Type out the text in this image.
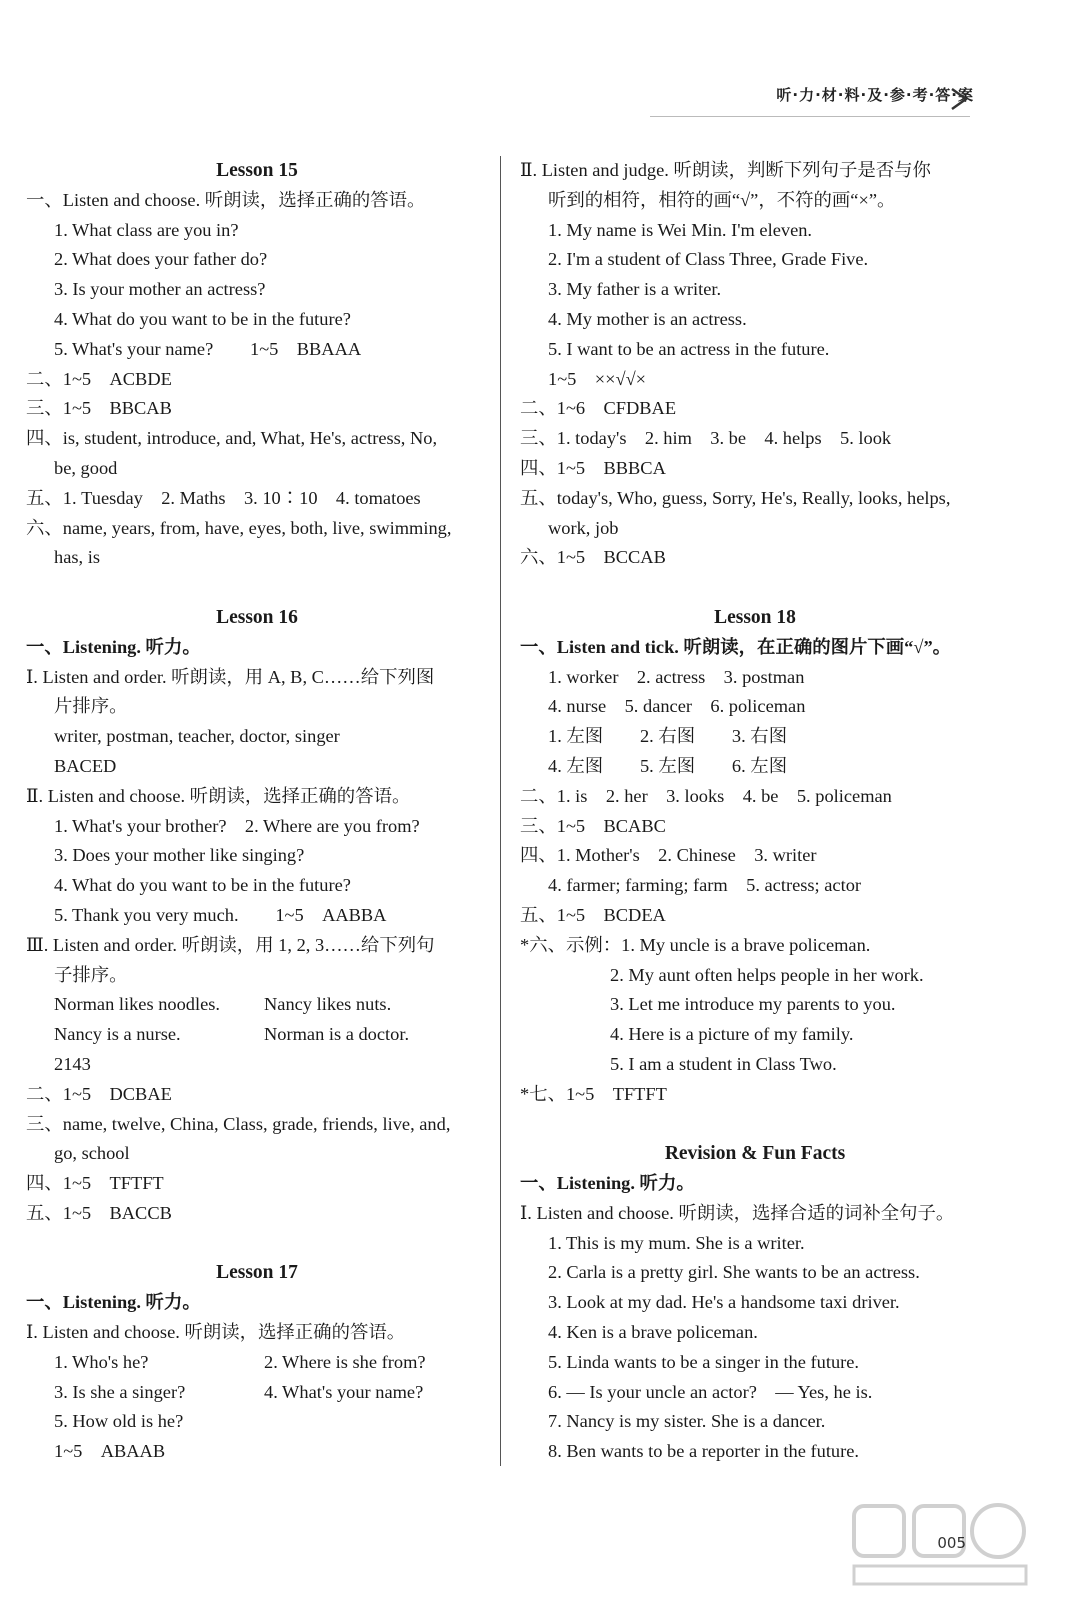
听·力·材·料·及·参·考·答·案
Lesson 15
一、Listen and choose. 听朗读，选择正确的答语。
1. What class are you in?
2. What does your father do?
3. Is your mother an actress?
4. What do you want to be in the future?
5. What's your name?　　1~5　BBAAA
二、1~5　ACBDE
三、1~5　BBCAB
四、is, student, introduce, and, What, He's, actress, No,
be, good
五、1. Tuesday　2. Maths　3. 10∶10　4. tomatoes
六、name, years, from, have, eyes, both, live, swimming,
has, is
Lesson 16
一、Listening. 听力。
Ⅰ. Listen and order. 听朗读，用 A, B, C……给下列图
片排序。
writer, postman, teacher, doctor, singer
BACED
Ⅱ. Listen and choose. 听朗读，选择正确的答语。
1. What's your brother?　2. Where are you from?
3. Does your mother like singing?
4. What do you want to be in the future?
5. Thank you very much.　　1~5　AABBA
Ⅲ. Listen and order. 听朗读，用 1, 2, 3……给下列句
子排序。
Norman likes noodles.	Nancy likes nuts.
Nancy is a nurse.	Norman is a doctor.
2143
二、1~5　DCBAE
三、name, twelve, China, Class, grade, friends, live, and,
go, school
四、1~5　TFTFT
五、1~5　BACCB
Lesson 17
一、Listening. 听力。
Ⅰ. Listen and choose. 听朗读，选择正确的答语。
1. Who's he?	2. Where is she from?
3. Is she a singer?	4. What's your name?
5. How old is he?
1~5　ABAAB
Ⅱ. Listen and judge. 听朗读，判断下列句子是否与你
听到的相符，相符的画“√”，不符的画“×”。
1. My name is Wei Min. I'm eleven.
2. I'm a student of Class Three, Grade Five.
3. My father is a writer.
4. My mother is an actress.
5. I want to be an actress in the future.
1~5　××√√×
二、1~6　CFDBAE
三、1. today's　2. him　3. be　4. helps　5. look
四、1~5　BBBCA
五、today's, Who, guess, Sorry, He's, Really, looks, helps,
work, job
六、1~5　BCCAB
Lesson 18
一、Listen and tick. 听朗读，在正确的图片下画“√”。
1. worker　2. actress　3. postman
4. nurse　5. dancer　6. policeman
1. 左图　　2. 右图　　3. 右图
4. 左图　　5. 左图　　6. 左图
二、1. is　2. her　3. looks　4. be　5. policeman
三、1~5　BCABC
四、1. Mother's　2. Chinese　3. writer
4. farmer; farming; farm　5. actress; actor
五、1~5　BCDEA
*六、示例：1. My uncle is a brave policeman.
2. My aunt often helps people in her work.
3. Let me introduce my parents to you.
4. Here is a picture of my family.
5. I am a student in Class Two.
*七、1~5　TFTFT
Revision & Fun Facts
一、Listening. 听力。
Ⅰ. Listen and choose. 听朗读，选择合适的词补全句子。
1. This is my mum. She is a writer.
2. Carla is a pretty girl. She wants to be an actress.
3. Look at my dad. He's a handsome taxi driver.
4. Ken is a brave policeman.
5. Linda wants to be a singer in the future.
6. — Is your uncle an actor?　— Yes, he is.
7. Nancy is my sister. She is a dancer.
8. Ben wants to be a reporter in the future.
005
